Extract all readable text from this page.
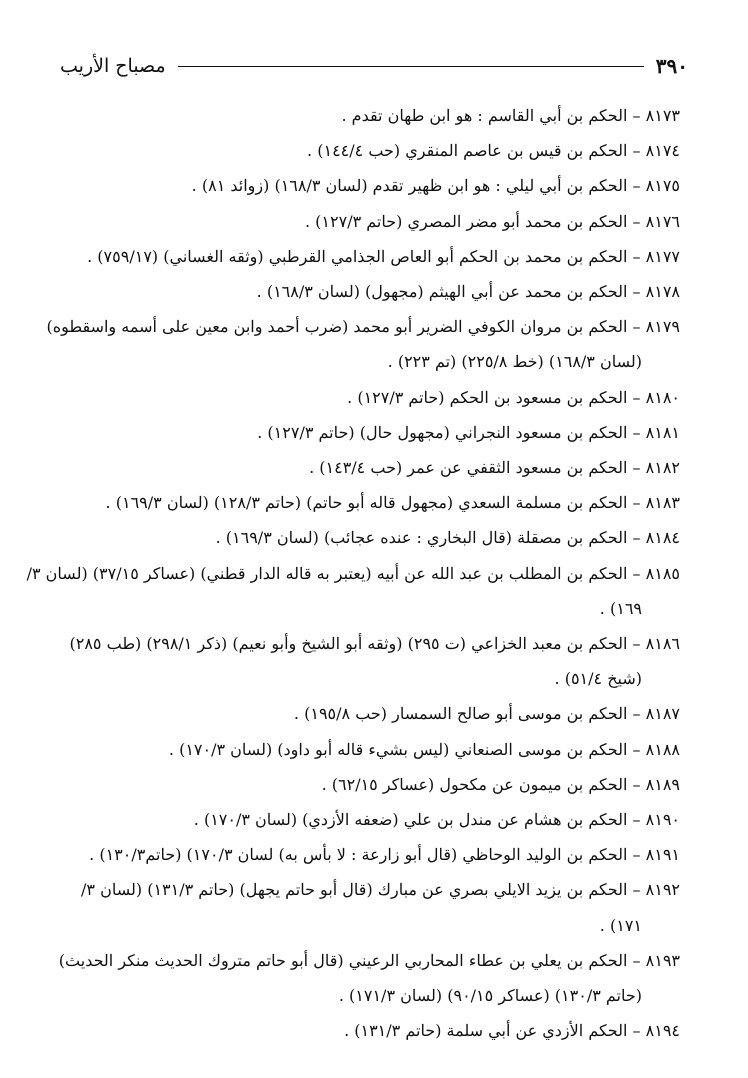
٣٩٠
مصباح الأريب
٨١٧٣ – الحكم بن أبي القاسم : هو ابن طهان تقدم .
٨١٧٤ – الحكم بن قيس بن عاصم المنقري (حب ١٤٤/٤) .
٨١٧٥ – الحكم بن أبي ليلي : هو ابن ظهير تقدم (لسان ١٦٨/٣) (زوائد ٨١) .
٨١٧٦ – الحكم بن محمد أبو مضر المصري (حاتم ١٢٧/٣) .
٨١٧٧ – الحكم بن محمد بن الحكم أبو العاص الجذامي القرطبي (وثقه الغساني) (٧٥٩/١٧) .
٨١٧٨ – الحكم بن محمد عن أبي الهيثم (مجهول) (لسان ١٦٨/٣) .
٨١٧٩ – الحكم بن مروان الكوفي الضرير أبو محمد (ضرب أحمد وابن معين على أسمه واسقطوه)
(لسان ١٦٨/٣) (خط ٢٢٥/٨) (تم ٢٢٣) .
٨١٨٠ – الحكم بن مسعود بن الحكم (حاتم ١٢٧/٣) .
٨١٨١ – الحكم بن مسعود النجراني (مجهول حال) (حاتم ١٢٧/٣) .
٨١٨٢ – الحكم بن مسعود الثقفي عن عمر (حب ١٤٣/٤) .
٨١٨٣ – الحكم بن مسلمة السعدي (مجهول قاله أبو حاتم) (حاتم ١٢٨/٣) (لسان ١٦٩/٣) .
٨١٨٤ – الحكم بن مصقلة (قال البخاري : عنده عجائب) (لسان ١٦٩/٣) .
٨١٨٥ – الحكم بن المطلب بن عبد الله عن أبيه (يعتبر به قاله الدار قطني) (عساكر ٣٧/١٥) (لسان ٣/
١٦٩) .
٨١٨٦ – الحكم بن معبد الخزاعي (ت ٢٩٥) (وثقه أبو الشيخ وأبو نعيم) (ذكر ٢٩٨/١) (طب ٢٨٥)
(شيخ ٥١/٤) .
٨١٨٧ – الحكم بن موسى أبو صالح السمسار (حب ١٩٥/٨) .
٨١٨٨ – الحكم بن موسى الصنعاني (ليس بشيء قاله أبو داود) (لسان ١٧٠/٣) .
٨١٨٩ – الحكم بن ميمون عن مكحول (عساكر ٦٢/١٥) .
٨١٩٠ – الحكم بن هشام عن مندل بن علي (ضعفه الأزدي) (لسان ١٧٠/٣) .
٨١٩١ – الحكم بن الوليد الوحاظي (قال أبو زارعة : لا بأس به) لسان ١٧٠/٣) (حاتم١٣٠/٣) .
٨١٩٢ – الحكم بن يزيد الايلي بصري عن مبارك (قال أبو حاتم يجهل) (حاتم ١٣١/٣) (لسان ٣/
١٧١) .
٨١٩٣ – الحكم بن يعلي بن عطاء المحاربي الرعيني (قال أبو حاتم متروك الحديث منكر الحديث)
(حاتم ١٣٠/٣) (عساكر ٩٠/١٥) (لسان ١٧١/٣) .
٨١٩٤ – الحكم الأزدي عن أبي سلمة (حاتم ١٣١/٣) .
